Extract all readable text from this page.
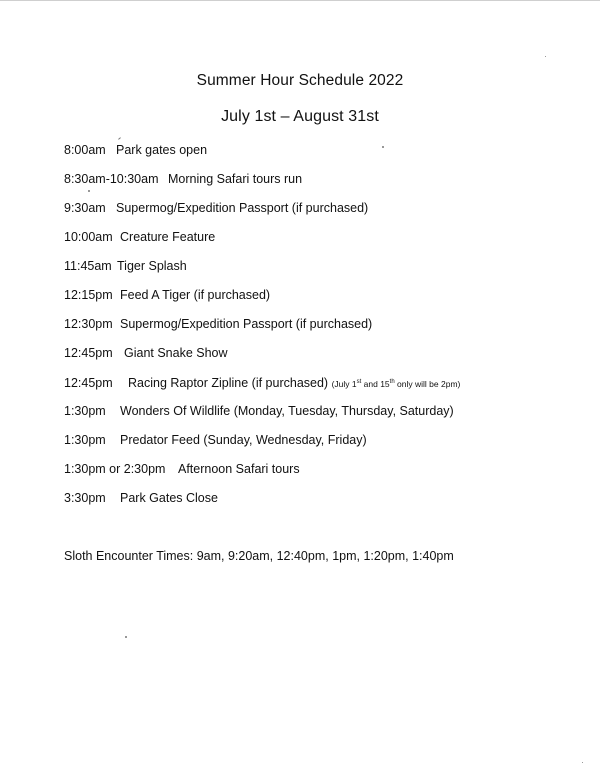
Summer Hour Schedule 2022
July 1st – August 31st
8:00am Park gates open
8:30am-10:30am Morning Safari tours run
9:30am Supermog/Expedition Passport (if purchased)
10:00am Creature Feature
11:45am Tiger Splash
12:15pm Feed A Tiger (if purchased)
12:30pm Supermog/Expedition Passport (if purchased)
12:45pm Giant Snake Show
12:45pm Racing Raptor Zipline (if purchased) (July 1st and 15th only will be 2pm)
1:30pm Wonders Of Wildlife (Monday, Tuesday, Thursday, Saturday)
1:30pm Predator Feed (Sunday, Wednesday, Friday)
1:30pm or 2:30pm Afternoon Safari tours
3:30pm Park Gates Close
Sloth Encounter Times: 9am, 9:20am, 12:40pm, 1pm, 1:20pm, 1:40pm
